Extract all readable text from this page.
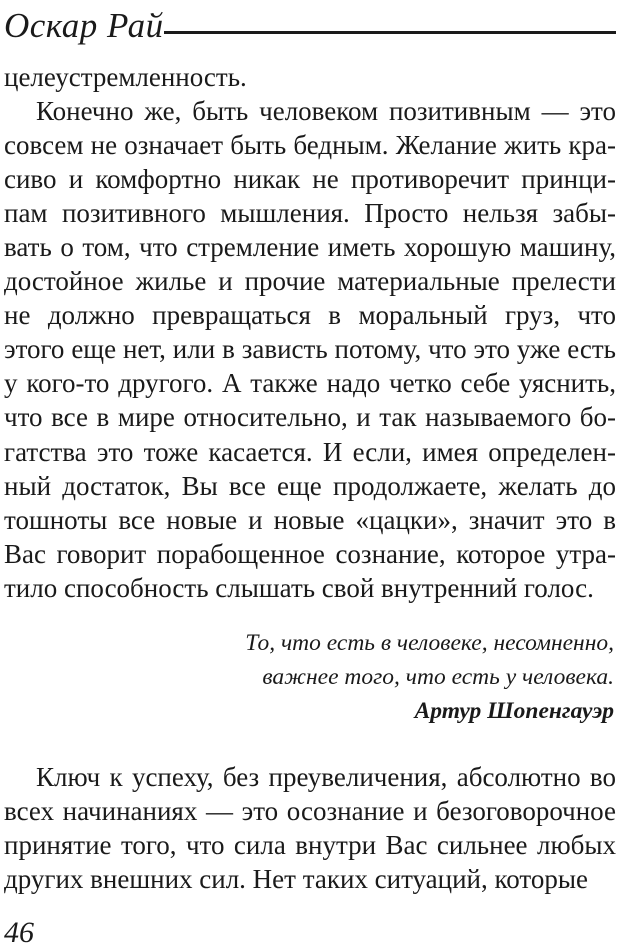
Оскар Рай

целеустремленность.

Конечно же, быть человеком позитивным — это совсем не означает быть бедным. Желание жить красиво и комфортно никак не противоречит принципам позитивного мышления. Просто нельзя забывать о том, что стремление иметь хорошую машину, достойное жилье и прочие материальные прелести не должно превращаться в моральный груз, что этого еще нет, или в зависть потому, что это уже есть у кого-то другого. А также надо четко себе уяснить, что все в мире относительно, и так называемого богатства это тоже касается. И если, имея определенный достаток, Вы все еще продолжаете, желать до тошноты все новые и новые «цацки», значит это в Вас говорит порабощенное сознание, которое утратило способность слышать свой внутренний голос.

То, что есть в человеке, несомненно,
важнее того, что есть у человека.
Артур Шопенгауэр

Ключ к успеху, без преувеличения, абсолютно во всех начинаниях — это осознание и безоговорочное принятие того, что сила внутри Вас сильнее любых других внешних сил. Нет таких ситуаций, которые

46
